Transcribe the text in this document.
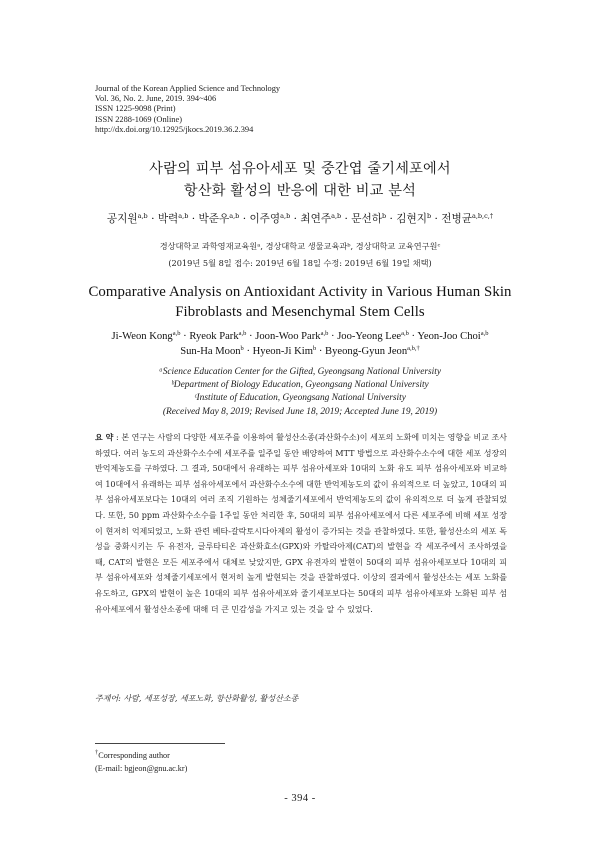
Journal of the Korean Applied Science and Technology
Vol. 36, No. 2. June, 2019. 394~406
ISSN 1225-9098 (Print)
ISSN 2288-1069 (Online)
http://dx.doi.org/10.12925/jkocs.2019.36.2.394
사람의 피부 섬유아세포 및 중간엽 줄기세포에서
항산화 활성의 반응에 대한 비교 분석
공지원$^{a,b}$ · 박력$^{a,b}$ · 박준우$^{a,b}$ · 이주영$^{a,b}$ · 최연주$^{a,b}$ · 문선하$^b$ · 김현지$^b$ · 전병균$^{a,b,c,\dagger}$
경상대학교 과학영재교육원ᵃ, 경상대학교 생물교육과ᵇ, 경상대학교 교육연구원ᶜ
(2019년 5월 8일 접수: 2019년 6월 18일 수정: 2019년 6월 19일 채택)
Comparative Analysis on Antioxidant Activity in Various Human Skin
Fibroblasts and Mesenchymal Stem Cells
Ji-Weon Kong$^{a,b}$ · Ryeok Park$^{a,b}$ · Joon-Woo Park$^{a,b}$ · Joo-Yeong Lee$^{a,b}$ · Yeon-Joo Choi$^{a,b}$
Sun-Ha Moon$^b$ · Hyeon-Ji Kim$^b$ · Byeong-Gyun Jeon$^{a,b,\dagger}$
ᵃScience Education Center for the Gifted, Gyeongsang National University
ᵇDepartment of Biology Education, Gyeongsang National University
ᶜInstitute of Education, Gyeongsang National University
(Received May 8, 2019; Revised June 18, 2019; Accepted June 19, 2019)
요 약 : 본 연구는 사람의 다양한 세포주를 이용하여 활성산소종(과산화수소)이 세포의 노화에 미치는 영향을 비교 조사하였다. 여러 농도의 과산화수소수에 세포주를 일주일 동안 배양하여 MTT 방법으로 과산화수소수에 대한 세포 성장의 반억제농도를 구하였다. 그 결과, 50대에서 유래하는 피부 섬유아세포와 10대의 노화 유도 피부 섬유아세포와 비교하여 10대에서 유래하는 피부 섬유아세포에서 과산화수소수에 대한 반억제농도의 값이 유의적으로 더 높았고, 10대의 피부 섬유아세포보다는 10대의 여러 조직 기원하는 성체줄기세포에서 반억제농도의 값이 유의적으로 더 높게 관찰되었다. 또한, 50 ppm 과산화수소수를 1주일 동안 처리한 후, 50대의 피부 섬유아세포에서 다른 세포주에 비해 세포 성장이 현저히 억제되었고, 노화 관련 베타-갈락토시다아제의 활성이 증가되는 것을 관찰하였다. 또한, 활성산소의 세포 독성을 중화시키는 두 유전자, 글루타티온 과산화효소(GPX)와 카탈라아제(CAT)의 발현을 각 세포주에서 조사하였을 때, CAT의 발현은 모든 세포주에서 대체로 낮았지만, GPX 유전자의 발현이 50대의 피부 섬유아세포보다 10대의 피부 섬유아세포와 성체줄기세포에서 현저히 높게 발현되는 것을 관찰하였다. 이상의 결과에서 활성산소는 세포 노화를 유도하고, GPX의 발현이 높은 10대의 피부 섬유아세포와 줄기세포보다는 50대의 피부 섬유아세포와 노화된 피부 섬유아세포에서 활성산소종에 대해 더 큰 민감성을 가지고 있는 것을 알 수 있었다.
주제어: 사람, 세포성장, 세포노화, 항산화활성, 활성산소종
†Corresponding author
(E-mail: bgjeon@gnu.ac.kr)
- 394 -
